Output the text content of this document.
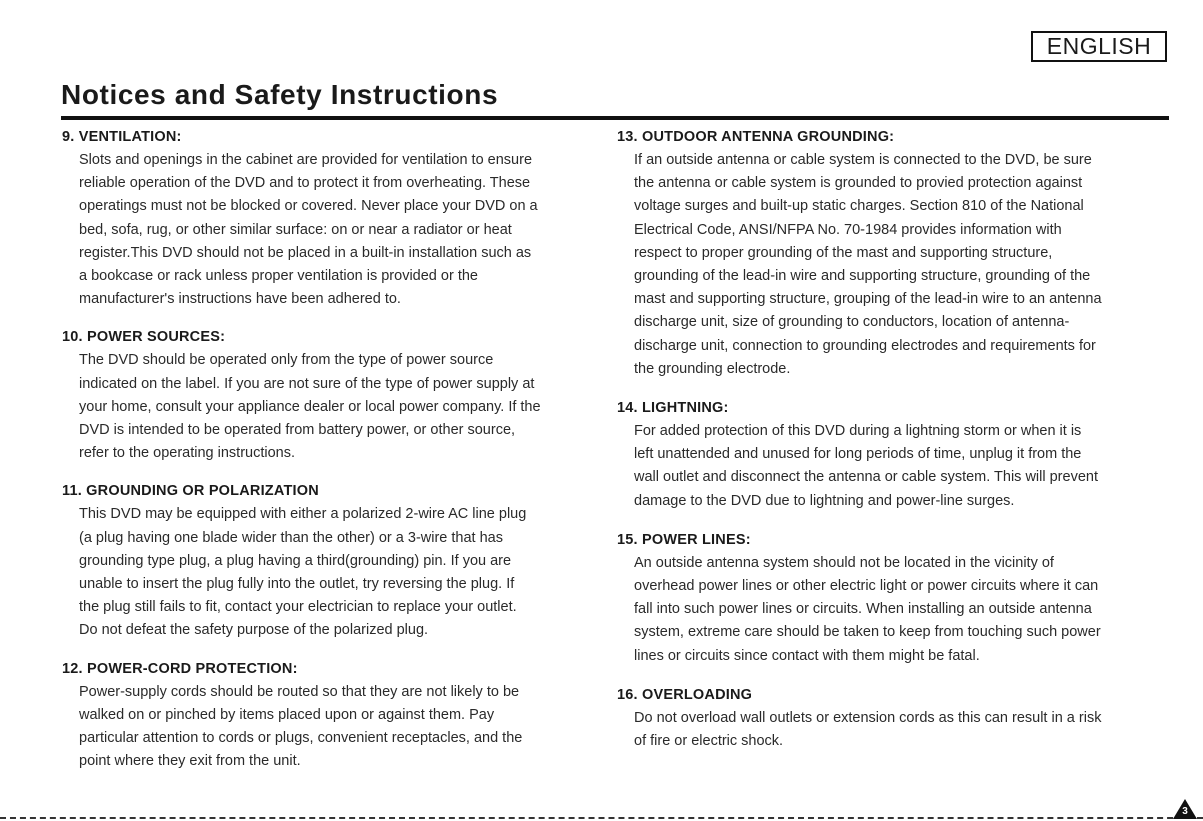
ENGLISH
Notices and Safety Instructions

9. VENTILATION:

Slots and openings in the cabinet are provided for ventilation to ensure
reliable operation of the DVD and to protect it from overheating. These
operatings must not be blocked or covered. Never place your DVD on a
bed, sofa, rug, or other similar surface: on or near a radiator or heat
register.This DVD should not be placed in a built-in installation such as
a bookcase or rack unless proper ventilation is provided or the
manufacturer's instructions have been adhered to.

10. POWER SOURCES:

The DVD should be operated only from the type of power source
indicated on the label. If you are not sure of the type of power supply at
your home, consult your appliance dealer or local power company. If the
DVD is intended to be operated from battery power, or other source,
refer to the operating instructions.

11. GROUNDING OR POLARIZATION

This DVD may be equipped with either a polarized 2-wire AC line plug
(a plug having one blade wider than the other) or a 3-wire that has
grounding type plug, a plug having a third(grounding) pin. If you are
unable to insert the plug fully into the outlet, try reversing the plug. If
the plug still fails to fit, contact your electrician to replace your outlet.
Do not defeat the safety purpose of the polarized plug.

12. POWER-CORD PROTECTION:

Power-supply cords should be routed so that they are not likely to be
walked on or pinched by items placed upon or against them. Pay
particular attention to cords or plugs, convenient receptacles, and the
point where they exit from the unit.

13. OUTDOOR ANTENNA GROUNDING:

If an outside antenna or cable system is connected to the DVD, be sure
the antenna or cable system is grounded to provied protection against
voltage surges and built-up static charges. Section 810 of the National
Electrical Code, ANSI/NFPA No. 70-1984 provides information with
respect to proper grounding of the mast and supporting structure,
grounding of the lead-in wire and supporting structure, grounding of the
mast and supporting structure, grouping of the lead-in wire to an antenna
discharge unit, size of grounding to conductors, location of antenna-
discharge unit, connection to grounding electrodes and requirements for
the grounding electrode.

14. LIGHTNING:

For added protection of this DVD during a lightning storm or when it is
left unattended and unused for long periods of time, unplug it from the
wall outlet and disconnect the antenna or cable system. This will prevent
damage to the DVD due to lightning and power-line surges.

15. POWER LINES:

An outside antenna system should not be located in the vicinity of
overhead power lines or other electric light or power circuits where it can
fall into such power lines or circuits. When installing an outside antenna
system, extreme care should be taken to keep from touching such power
lines or circuits since contact with them might be fatal.

16. OVERLOADING

Do not overload wall outlets or extension cords as this can result in a risk
of fire or electric shock.

3
